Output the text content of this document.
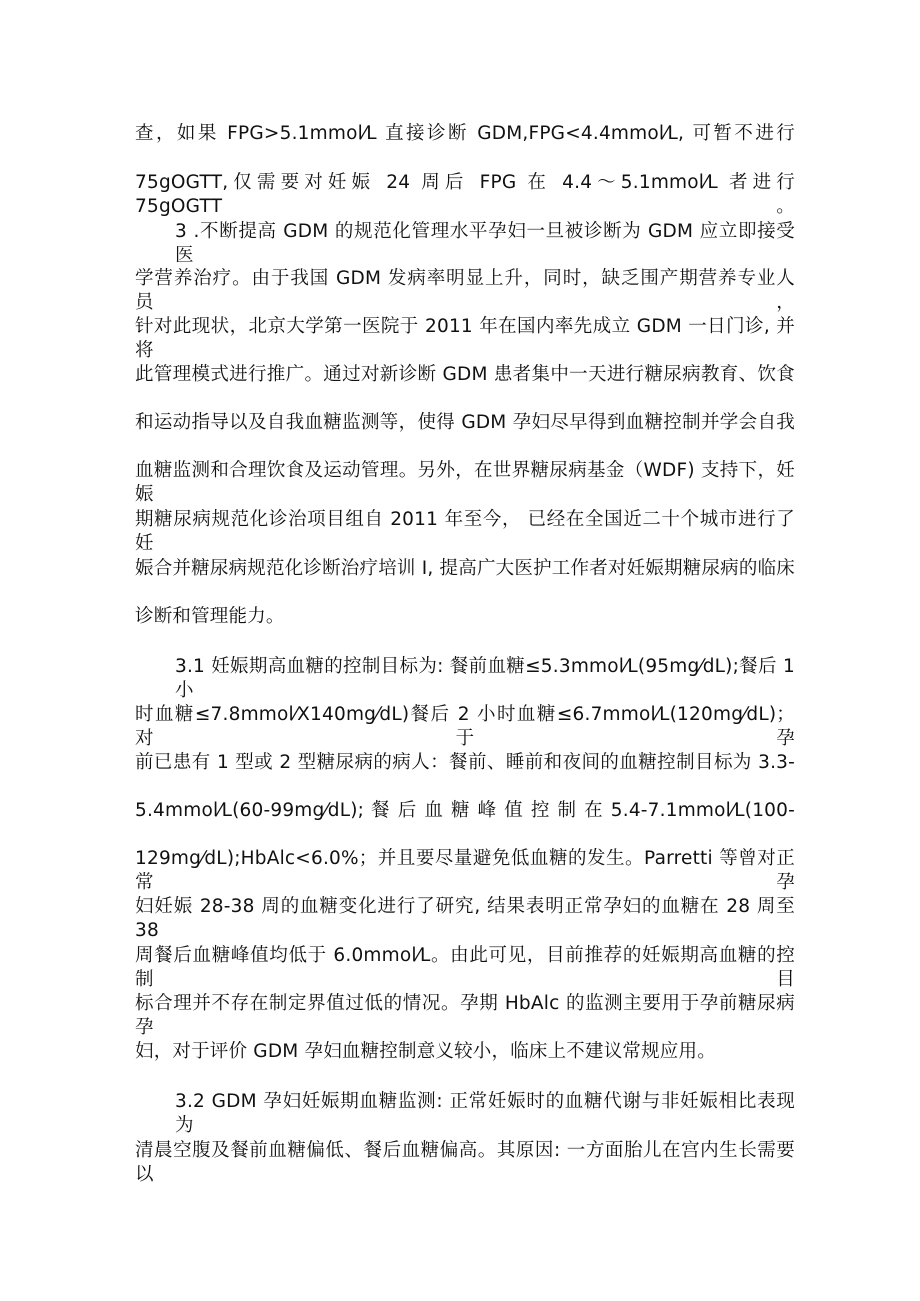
查，如果 FPG>5.1mmol⁄L 直接诊断 GDM,FPG<4.4mmol⁄L, 可暂不进行
75gOGTT,仅需要对妊娠 24 周后 FPG 在 4.4～5.1mmol⁄L 者进行 75gOGTT。
3 .不断提高 GDM 的规范化管理水平孕妇一旦被诊断为 GDM 应立即接受医
学营养治疗。由于我国 GDM 发病率明显上升，同时，缺乏围产期营养专业人员，
针对此现状，北京大学第一医院于 2011 年在国内率先成立 GDM 一日门诊, 并将
此管理模式进行推广。通过对新诊断 GDM 患者集中一天进行糖尿病教育、饮食
和运动指导以及自我血糖监测等，使得 GDM 孕妇尽早得到血糖控制并学会自我
血糖监测和合理饮食及运动管理。另外，在世界糖尿病基金（WDF) 支持下，妊娠
期糖尿病规范化诊治项目组自 2011 年至今， 已经在全国近二十个城市进行了妊
娠合并糖尿病规范化诊断治疗培训 I, 提高广大医护工作者对妊娠期糖尿病的临床
诊断和管理能力。
3.1 妊娠期高血糖的控制目标为: 餐前血糖≤5.3mmol⁄L(95mg⁄dL);餐后 1 小
时血糖≤7.8mmol⁄X140mg⁄dL)餐后 2 小时血糖≤6.7mmol⁄L(120mg⁄dL)；对于孕
前已患有 1 型或 2 型糖尿病的病人：餐前、睡前和夜间的血糖控制目标为 3.3-
5.4mmol⁄L(60-99mg⁄dL); 餐 后 血 糖 峰 值 控 制 在 5.4-7.1mmol⁄L(100-
129mg⁄dL);HbAlc<6.0%；并且要尽量避免低血糖的发生。Parretti 等曾对正常孕
妇妊娠 28-38 周的血糖变化进行了研究, 结果表明正常孕妇的血糖在 28 周至 38
周餐后血糖峰值均低于 6.0mmol⁄L。由此可见，目前推荐的妊娠期高血糖的控制目
标合理并不存在制定界值过低的情况。孕期 HbAlc 的监测主要用于孕前糖尿病孕
妇，对于评价 GDM 孕妇血糖控制意义较小，临床上不建议常规应用。
3.2 GDM 孕妇妊娠期血糖监测: 正常妊娠时的血糖代谢与非妊娠相比表现为
清晨空腹及餐前血糖偏低、餐后血糖偏高。其原因: 一方面胎儿在宫内生长需要以
